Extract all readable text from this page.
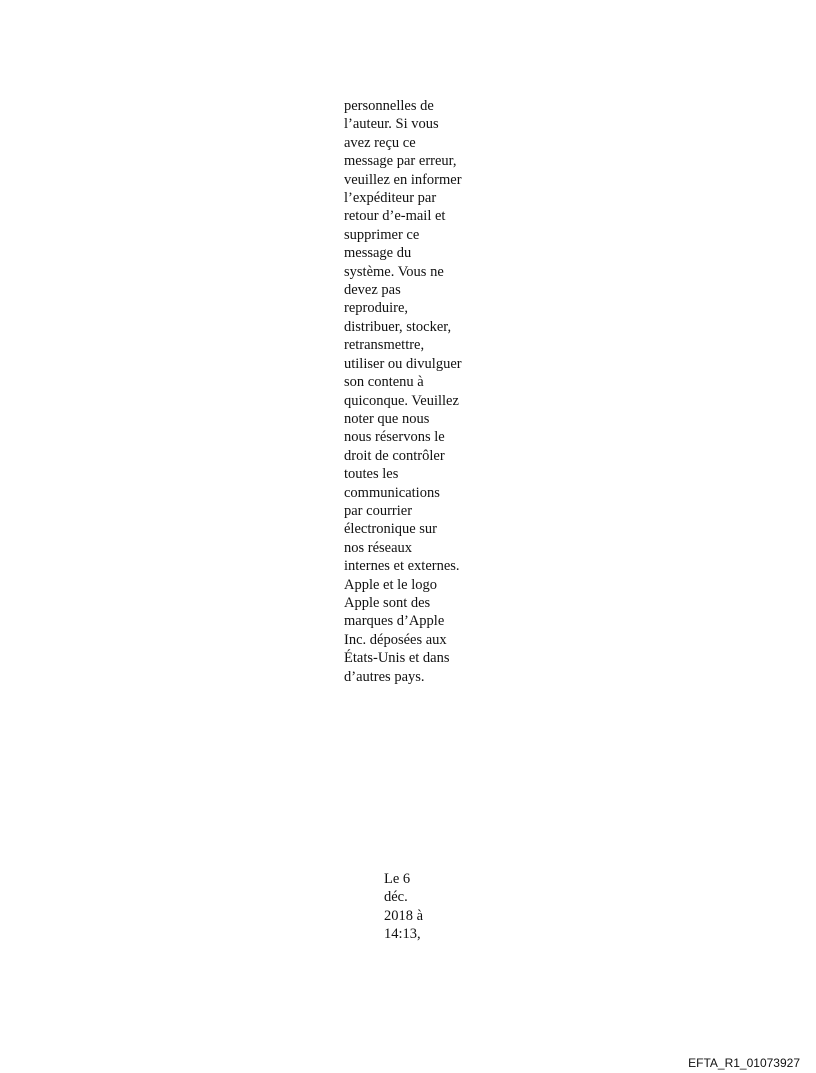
personnelles de
l’auteur. Si vous
avez reçu ce
message par erreur,
veuillez en informer
l’expéditeur par
retour d’e-mail et
supprimer ce
message du
système. Vous ne
devez pas
reproduire,
distribuer, stocker,
retransmettre,
utiliser ou divulguer
son contenu à
quiconque. Veuillez
noter que nous
nous réservons le
droit de contrôler
toutes les
communications
par courrier
électronique sur
nos réseaux
internes et externes.
Apple et le logo
Apple sont des
marques d’Apple
Inc. déposées aux
États-Unis et dans
d’autres pays.
Le 6
déc.
2018 à
14:13,
EFTA_R1_01073927
